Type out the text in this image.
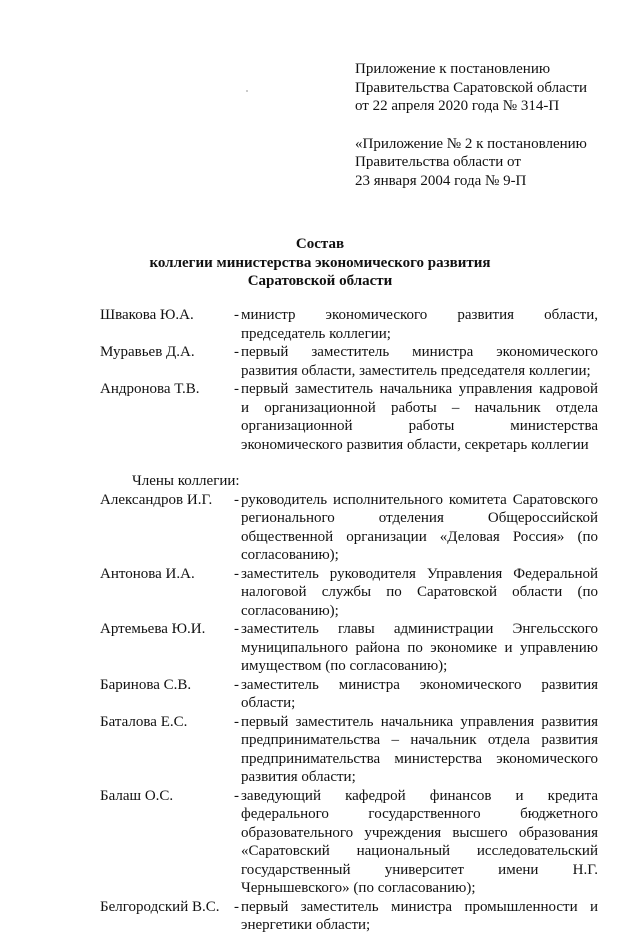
Приложение к постановлению
Правительства Саратовской области
от 22 апреля 2020 года № 314-П
«Приложение № 2 к постановлению
Правительства области от
23 января 2004 года № 9-П
Состав
коллегии министерства экономического развития
Саратовской области
Швакова Ю.А.	- министр экономического развития области, председатель коллегии;
Муравьев Д.А.	- первый заместитель министра экономического развития области, заместитель председателя коллегии;
Андронова Т.В. - первый заместитель начальника управления кадровой и организационной работы – начальник отдела организационной работы министерства экономического развития области, секретарь коллегии
Члены коллегии:
Александров И.Г. - руководитель исполнительного комитета Саратовского регионального отделения Общероссийской общественной организации «Деловая Россия» (по согласованию);
Антонова И.А.	- заместитель руководителя Управления Федеральной налоговой службы по Саратовской области (по согласованию);
Артемьева Ю.И. - заместитель главы администрации Энгельсского муниципального района по экономике и управлению имуществом (по согласованию);
Баринова С.В.	- заместитель министра экономического развития области;
Баталова Е.С.	- первый заместитель начальника управления развития предпринимательства – начальник отдела развития предпринимательства министерства экономического развития области;
Балаш О.С.	- заведующий кафедрой финансов и кредита федерального государственного бюджетного образовательного учреждения высшего образования «Саратовский национальный исследовательский государственный университет имени Н.Г. Чернышевского» (по согласованию);
Белгородский В.С. - первый заместитель министра промышленности и энергетики области;
